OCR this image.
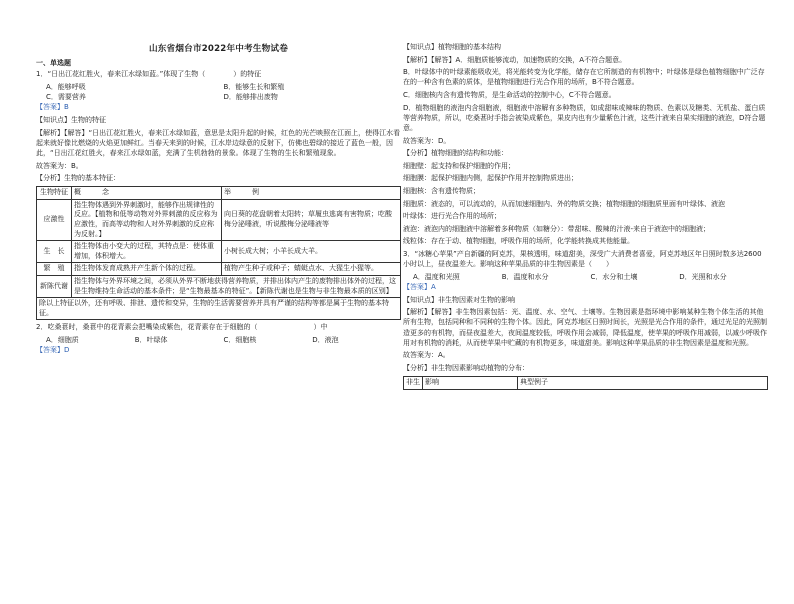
山东省烟台市2022年中考生物试卷

一、单选题

1．“日出江花红胜火，春来江水绿如蓝。”体现了生物（　　　　）的特征

A．能够呼吸	B．能够生长和繁殖
C．需要营养	D．能够排出废物

【答案】B

【知识点】生物的特征

【解析】【解答】“日出江花红胜火，春来江水绿如蓝，意思是太阳升起的时候，红色的光芒映照在江面上，使得江水看起来就好像比燃烧的火焰更加鲜红。当春天来到的时候，江水岸边绿意的反射下，仿佛也碧绿的接近了蓝色一般，因此，“日出江花红胜火，春来江水绿如蓝，充满了生机勃勃的景象。体现了生物的生长和繁殖现象。

故答案为：B。

【分析】生物的基本特征：

生物特征	概　　　念	举　　　例
应激性	指生物体遇到外界刺激时，能够作出规律性的反应。【植物和低等动物对外界刺激的反应称为应激性，而高等动物和人对外界刺激的反应称为反射。】	向日葵的花盘朝着太阳转；草履虫逃离有害物质；吃酸梅分泌唾液，听说酸梅分泌唾液等
生　长	指生物体由小变大的过程，其特点是：使体重增加，体积增大。	小树长成大树；小羊长成大羊。
繁　殖	指生物体发育成熟并产生新个体的过程。	植物产生种子或种子；蜻蜓点水、大猩生小猩等。
新陈代谢	指生物体与外界环境之间，必须从外界不断地获得营养物质，并排出体内产生的废物排出体外的过程，这是生物维持生命活动的基本条件；是“生物最基本的特征”。【新陈代谢也是生物与非生物最本质的区别】	
除以上特征以外，还有呼吸、排泄、遗传和变异，生物的生活需要营养并具有严谨的结构等都是属于生物的基本特征。		

2．吃桑葚时，桑葚中的花青素会把嘴染成紫色，花青素存在于细胞的（　　　　　　　　）中

A．细胞质	B．叶绿体	C．细胞核	D．液泡

【答案】D

【知识点】植物细胞的基本结构

【解析】【解答】A．细胞质能够流动，加速物质的交换，A不符合题意。

B．叶绿体中的叶绿素能吸收光，将光能转变为化学能，储存在它所制造的有机物中；叶绿体是绿色植物细胞中广泛存在的一种含有色素的质体，是植物细胞进行光合作用的场所，B不符合题意。

C．细胞核内含有遗传物质，是生命活动的控制中心，C不符合题意。

D．植物细胞的液泡内含细胞液，细胞液中溶解有多种物质，如成甜味或辣味的物质、色素以及糖类、无机盐、蛋白质等营养物质，所以，吃桑葚时手指会被染成紫色，果皮内也有少量紫色汁液，这些汁液来自果实细胞的液泡，D符合题意。

故答案为：D。

【分析】植物细胞的结构和功能：

细胞壁：起支持和保护细胞的作用；

细胞膜：起保护细胞内侧，起保护作用并控制物质进出；

细胞核：含有遗传物质；

细胞质：液态的，可以流动的，从而加速细胞内、外的物质交换；植物细胞的细胞质里面有叶绿体、液泡

叶绿体：进行光合作用的场所；

液泡：液泡内的细胞液中溶解着多种物质（如糖分）：带甜味、酸辣的汁液-来自于液泡中的细胞液；

线粒体：存在于动、植物细胞，呼吸作用的场所，化学能转换成其他能量。

3．“冰糖心苹果”产自新疆的阿克苏，果核透明，味道甜美，深受广大消费者喜爱，阿克苏地区年日照时数多达2600小时以上，昼夜温差大。影响这种苹果品质的非生物因素是（　　）

A．温度和光照	B．温度和水分	C．水分和土壤	D．光照和水分

【答案】A

【知识点】非生物因素对生物的影响

【解析】【解答】非生物因素包括：光、温度、水、空气、土壤等。生物因素是指环境中影响某种生物个体生活的其他所有生物，包括同种和不同种的生物个体。因此，阿克苏地区日照时间长，光照是光合作用的条件，通过光足的光照制造更多的有机物，而昼夜温差大，夜间温度较低，呼吸作用会减弱，降低温度，使苹果的呼吸作用减弱，以减少呼吸作用对有机物的消耗，从而使苹果中贮藏的有机物更多，味道甜美。影响这种苹果品质的非生物因素是温度和光照。

故答案为：A。

【分析】非生物因素影响动植物的分布：

非生	影响	典型例子
